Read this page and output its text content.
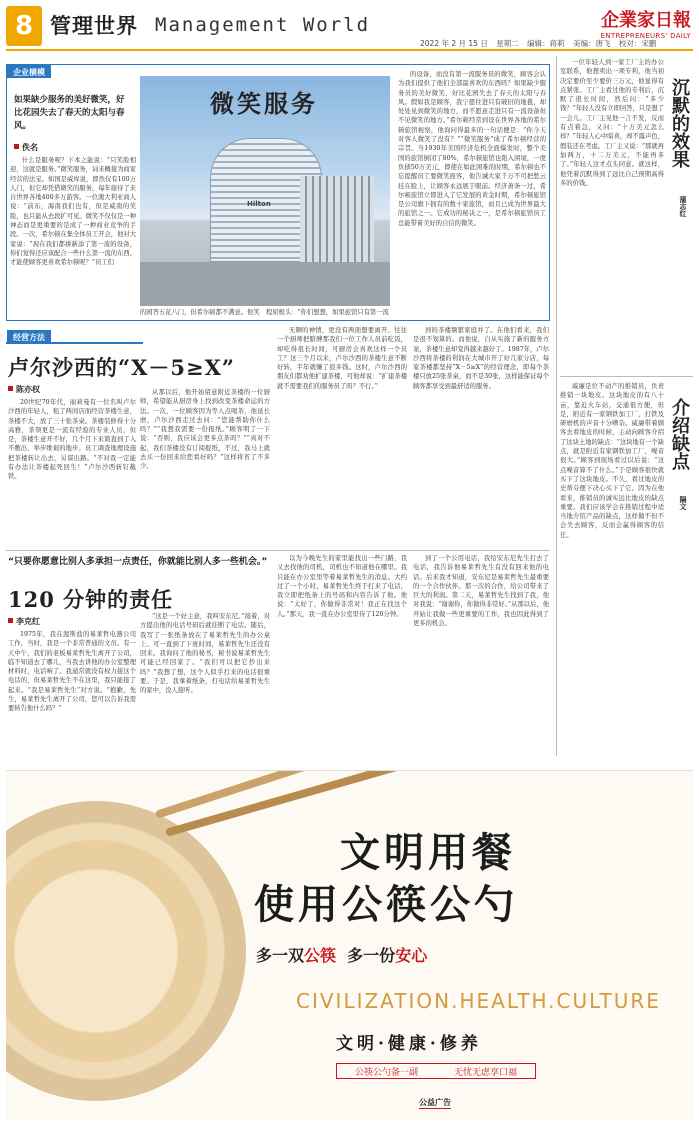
8 管理世界 Management World	企業家日報
ENTREPRENEURS' DAILY
2022 年 2 月 15 日 星期二 编辑：蒋莉 美编：唐飞 校对：宋鹏
企业横模
如果缺少服务的美好微笑，好比花园失去了春天的太阳与春风。
佚名
什么是服务呢？下本之能说：“只笑脸相迎，这就是服务。”微笑服务，词来概接为商家经营的法宝。如国是威库说，即然仅有100万人门，但它却凭借微笑的服务，每年接待了来自世界各地400多万游客。一位澳大利亚商人说：“前东，海南我们也有，但是威南的笑脸，也只能从去段扩可见。微笑不仅仅是一种神态而是更重要的是成了一种商业竞争的手段。一次，希尔顿在集全体员工开会，他对大家说：“现在我们都拼新添了第一流的设备，你们觉得还应该配合一些什么第一流的东西，才能使顾客更喜欢希尔顿呢？”员工们
Hilton
微笑服务
的园答五花八门，但希尔顿都不满意。他笑　程屈极头：“你们想想，如果旅馆只有第一流
的设备，而没有第一流服务员的微笑，顾客会认为我们提供了他们全部最喜欢的东西吗？如果缺少服务员的美好微笑，好比花园失去了春天的太阳与春风。假如我是顾客，我宁愿住进只有破旧的地毯，却处处见到微笑的地方，而不愿意走进只有一流设备但不见微笑的地方。”希尔顿经常到设在世界各地的希尔顿旅馆视察，他询问得最多的一句话便是：“你今天对客人微笑了没有？”“微笑服务”成了希尔顿经营的宗旨。当1930年美国经济危机全面爆发时，整个美国的旅馆倒闭了80%，希尔顿旅馆也陷入困境，一度负债50万美元，即使在如此困难的时期，希尔顿也不忘提醒员工要微笑面客，他告诫大家千万不可把愁云挂在脸上，让顾客永远展于眼前。经济萧条一过，希尔顿旅馆立即进入了它发展的黄金时期，希尔顿旅馆是公司旗下拥有的数十家旅馆，而且已成为世界最大的旅馆之一。它成功的秘诀之一，是希尔顿旅馆员工总能带着美好的自信的微笑。
一位年轻人到一家工厂主的办公室联系，他想卖出一项专利，他当初决定要价至少要价三万元，他显得有点紧张。工厂主看过他的专利后，沉默了很长时间，然后问：“多少钱？”年轻人没有立即回答，只是想了一会儿。工厂主见他一言不发，反而有点着急，又问：“十万美元怎么样？”年轻人心中暗喜，却不露声色，假装还在考虑。工厂主又说：“那就再加两万，十二万美元，不能再多了。”年轻人这才点头同意。就这样，他凭着沉默得到了远比自己预期高得多的价钱。
沉默的效果
蒲志红
威廉是位不动产的推销员，负责推销一块地皮。这块地皮的有八十亩，靠近火车站，交通很方便，但是，附近有一家钢铁加工厂，打铁及研磨机的声音十分嘈杂。威廉带着顾客去看地皮的时候，主动向顾客介绍了这块土地的缺点：“这块地有一个缺点，就是附近有家钢铁加工厂，噪音很大。”顾客到现场看过以后说：“这点噪音算不了什么。”于是顾客很快就买下了这块地皮。不久，看过地皮的史蒂芬便下决心买下了它。因为在他看来，推销员的诚实远比地皮的缺点重要。我们应该学会在推销过程中适当地介绍产品的缺点，这样做不但不会失去顾客，反而会赢得顾客的信任。
介绍缺点
隔文
经营方法
卢尔沙西的“X－5≥X”
陈亦权
20世纪70年代，丽莉曼有一位名叫卢尔沙西的年轻人，租了两间店面经营茶楼生意，茶楼不大，放了三十张茶桌。茶楼装修得十分高雅，茶领更是一流有经验的专业人员，但是，茶楼生意开不好，几个月下来简直到了入不敷出、举步维艰的地步。员工调查地理设施把茶楼转让出去，另谋出路。“不对我一定能有办法让茶楼起死回生！”卢尔沙西斩钉截铁。
从那以后，他开始留意附近茶楼的一位厨师，希望能从厨房身上找到改变茶楼命运的方法。一次，一位顾客因为等人点喝茶，他延长磨，卢尔沙西走过去问：“您能帮助你什么吗？”“我想我需要一份报纸。”顾客明了一下说：“否则，我应该会更多点茶吗？”“真对不起，我们茶楼没有订阅报纸，不过，我马上就去买一份回来给您看好吗？”这样将省了不多少。
无聊的神情，更没有两面想要离开。往往一个厨师把胳膊那我们一位工作人员前吃饭，却吃得很长时间，可厨房会喜欢这样一个员工？这三个月以来，卢尔沙西的茶楼生意不断好转，半年就赚了很多钱。这时，卢尔沙西的朋友们都劝他扩建茶楼，可他却说：“扩建茶楼就不需要我们的服务员了吗？不行。”
到的茶楼频繁家庭并了。在他们看来，我们是很不划算的。而他说，自从实施了新的服务方案，茶楼生意却变得越来越好了。1987年，卢尔沙西将茶楼的利润在大城市开了好几家分店，每家茶楼都坚持“X－5≥X”的经营理念，即每个茶楼只放25张茶桌，而不是30张，这样能保证每个顾客都享受到最舒适的服务。
“只要你愿意比别人多承担一点责任，你就能比别人多一些机会。”
120 分钟的责任
李克红
1975年，我在渥斯盐的易莱哲电器公司工作，当时，我是一个非常普通的文员。有一天中午，我们的老板易莱哲先生离开了公司，临不知道去了哪儿，当我去讲他的办公室整理材料时，电话响了。我通常就没有权力接这个电话的，但易莱哲先生不在这里，我只能接了起来。“我是易莱哲先生”对方说。“抱歉，先生，易莱哲先生离开了公司，您可以告诉我需要转告他什么吗？”
“这是一个好主意，我叫安东尼。”接着，对方提出他的电话号码后就挂断了电话。随后，我写了一张纸条放在了易莱哲先生的办公桌上。可一直到了下班时间，易莱哲先生还没有回来。我询问了他的秘书，秘书说易莱哲先生可能已经回家了。“我们可以把它抄出来吗？”我想了想，这个人似乎打来的电话很重要。于是，我拿着纸条，打电话给易莱哲先生的家中，没人接听。
以为今晚先生的家里能找出一些门路，我又去找他的司机，司机也不知道他在哪里。我只能在办公室里等着易莱哲先生的消息。大约过了一个小时，易莱哲先生终于打来了电话，我立即把纸条上的号码和内容告诉了他。他说：“太好了，你做得非常对！我正在找这个人。”那天，我一直在办公室里待了120分钟。
到了一个公用电话，我给安东尼先生打去了电话，我告诉他易莱哲先生有没有回来他的电话。后来我才知道，安东尼是易莱哲先生最重要的一个合作伙伴。那一次的合作，给公司带来了巨大的利润。第二天，易莱哲先生找到了我，他对我说：“谢谢你，你做得非常好。”从那以后，他开始让我做一些更重要的工作，我也因此得到了更多的机会。
文明用餐
使用公筷公勺
多一双公筷 多一份安心
CIVILIZATION.HEALTH.CULTURE
文明·健康·修养
公筷公勺备一副	无忧无虑享口福
公益广告
